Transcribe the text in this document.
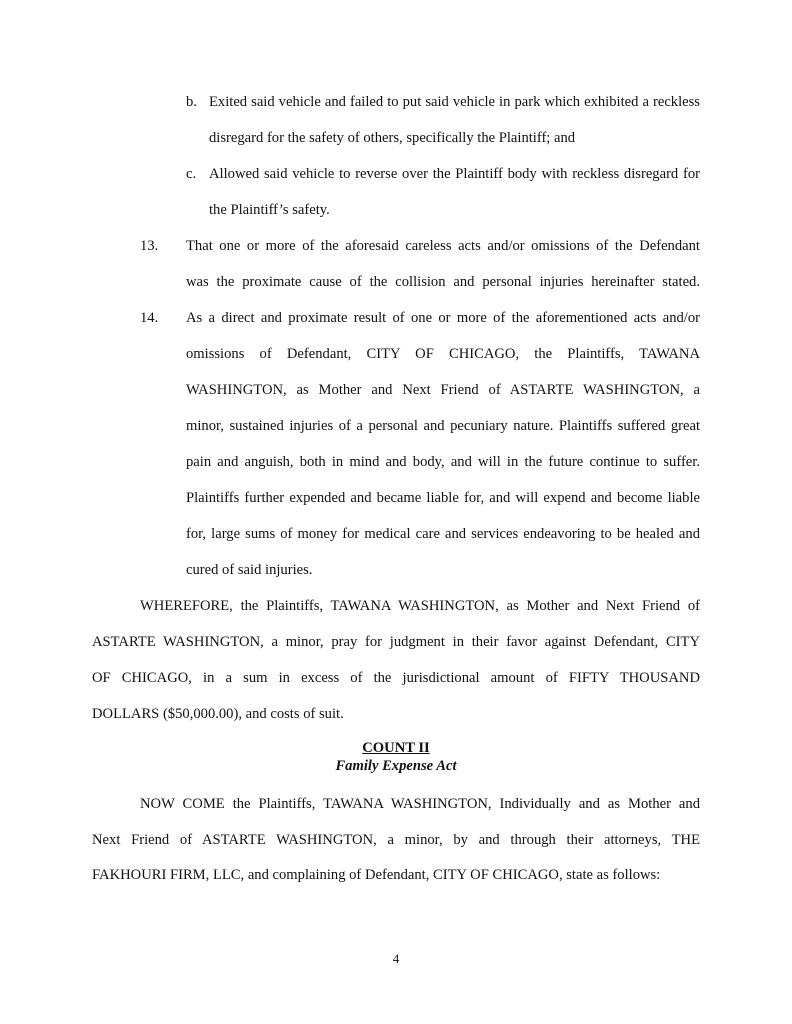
b. Exited said vehicle and failed to put said vehicle in park which exhibited a reckless
disregard for the safety of others, specifically the Plaintiff; and
c. Allowed said vehicle to reverse over the Plaintiff body with reckless disregard for
the Plaintiff’s safety.
13. That one or more of the aforesaid careless acts and/or omissions of the Defendant
was the proximate cause of the collision and personal injuries hereinafter stated.
14. As a direct and proximate result of one or more of the aforementioned acts and/or
omissions of Defendant, CITY OF CHICAGO, the Plaintiffs, TAWANA
WASHINGTON, as Mother and Next Friend of ASTARTE WASHINGTON, a
minor, sustained injuries of a personal and pecuniary nature. Plaintiffs suffered great
pain and anguish, both in mind and body, and will in the future continue to suffer.
Plaintiffs further expended and became liable for, and will expend and become liable
for, large sums of money for medical care and services endeavoring to be healed and
cured of said injuries.
WHEREFORE, the Plaintiffs, TAWANA WASHINGTON, as Mother and Next Friend of
ASTARTE WASHINGTON, a minor, pray for judgment in their favor against Defendant, CITY
OF CHICAGO, in a sum in excess of the jurisdictional amount of FIFTY THOUSAND
DOLLARS ($50,000.00), and costs of suit.
COUNT II
Family Expense Act
NOW COME the Plaintiffs, TAWANA WASHINGTON, Individually and as Mother and
Next Friend of ASTARTE WASHINGTON, a minor, by and through their attorneys, THE
FAKHOURI FIRM, LLC, and complaining of Defendant, CITY OF CHICAGO, state as follows:
4
